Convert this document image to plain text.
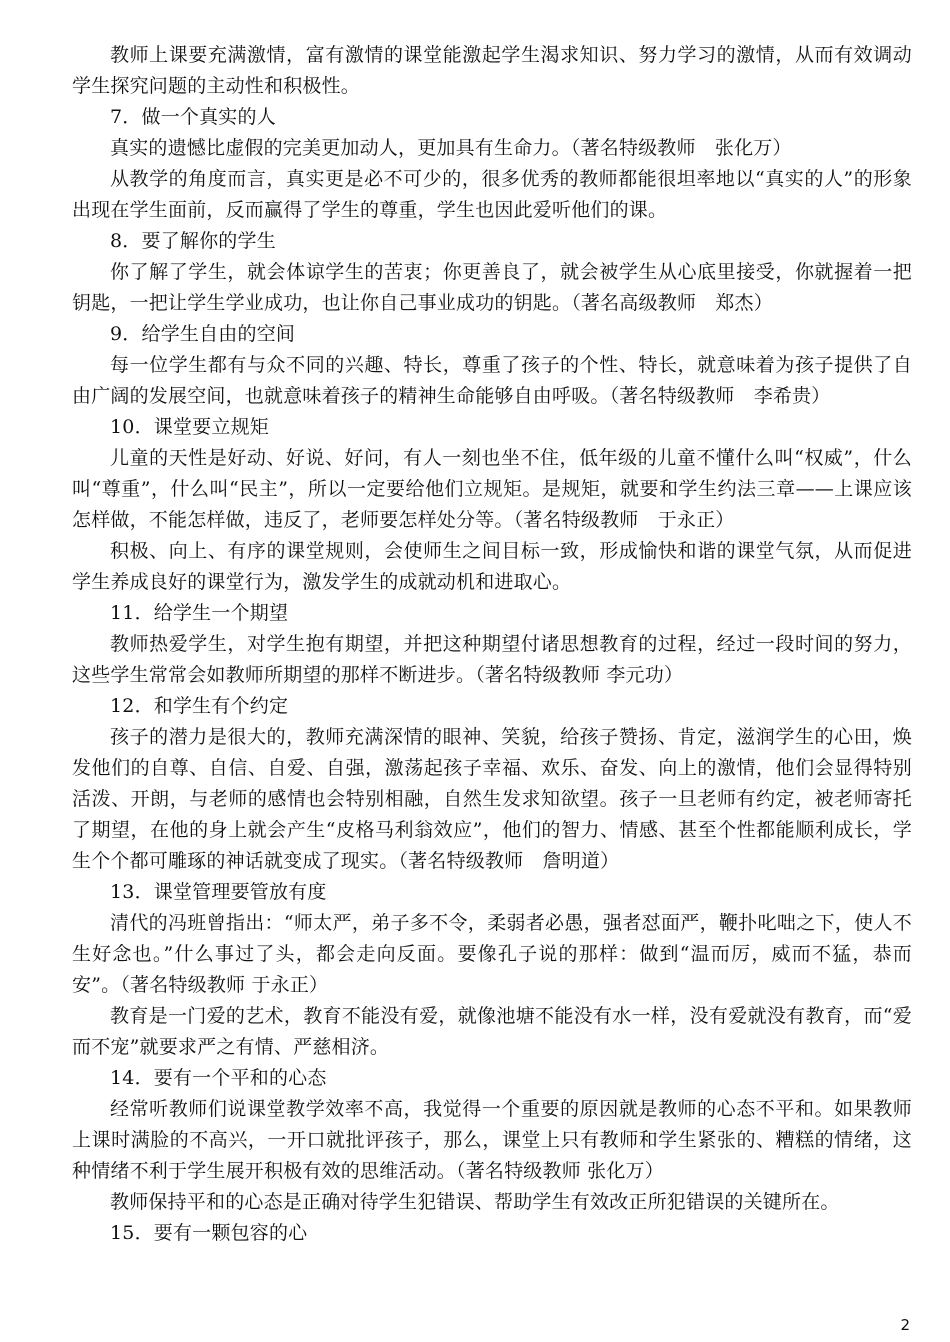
教师上课要充满激情，富有激情的课堂能激起学生渴求知识、努力学习的激情，从而有效调动学生探究问题的主动性和积极性。

7．做一个真实的人

真实的遗憾比虚假的完美更加动人，更加具有生命力。（著名特级教师　张化万）

从教学的角度而言，真实更是必不可少的，很多优秀的教师都能很坦率地以“真实的人”的形象出现在学生面前，反而赢得了学生的尊重，学生也因此爱听他们的课。

8．要了解你的学生

你了解了学生，就会体谅学生的苦衷；你更善良了，就会被学生从心底里接受，你就握着一把钥匙，一把让学生学业成功，也让你自己事业成功的钥匙。（著名高级教师　郑杰）

9．给学生自由的空间

每一位学生都有与众不同的兴趣、特长，尊重了孩子的个性、特长，就意味着为孩子提供了自由广阔的发展空间，也就意味着孩子的精神生命能够自由呼吸。（著名特级教师　李希贵）

10．课堂要立规矩

儿童的天性是好动、好说、好问，有人一刻也坐不住，低年级的儿童不懂什么叫“权威”，什么叫“尊重”，什么叫“民主”，所以一定要给他们立规矩。是规矩，就要和学生约法三章——上课应该怎样做，不能怎样做，违反了，老师要怎样处分等。（著名特级教师　于永正）

积极、向上、有序的课堂规则，会使师生之间目标一致，形成愉快和谐的课堂气氛，从而促进学生养成良好的课堂行为，激发学生的成就动机和进取心。

11．给学生一个期望

教师热爱学生，对学生抱有期望，并把这种期望付诸思想教育的过程，经过一段时间的努力，这些学生常常会如教师所期望的那样不断进步。（著名特级教师 李元功）

12．和学生有个约定

孩子的潜力是很大的，教师充满深情的眼神、笑貌，给孩子赞扬、肯定，滋润学生的心田，焕发他们的自尊、自信、自爱、自强，激荡起孩子幸福、欢乐、奋发、向上的激情，他们会显得特别活泼、开朗，与老师的感情也会特别相融，自然生发求知欲望。孩子一旦老师有约定，被老师寄托了期望，在他的身上就会产生“皮格马利翁效应”，他们的智力、情感、甚至个性都能顺利成长，学生个个都可雕琢的神话就变成了现实。（著名特级教师　詹明道）

13．课堂管理要管放有度

清代的冯班曾指出：“师太严，弟子多不令，柔弱者必愚，强者怼面严，鞭扑叱咄之下，使人不生好念也。”什么事过了头，都会走向反面。要像孔子说的那样：做到“温而厉，威而不猛，恭而安”。（著名特级教师 于永正）

教育是一门爱的艺术，教育不能没有爱，就像池塘不能没有水一样，没有爱就没有教育，而“爱而不宠”就要求严之有情、严慈相济。

14．要有一个平和的心态

经常听教师们说课堂教学效率不高，我觉得一个重要的原因就是教师的心态不平和。如果教师上课时满脸的不高兴，一开口就批评孩子，那么，课堂上只有教师和学生紧张的、糟糕的情绪，这种情绪不利于学生展开积极有效的思维活动。（著名特级教师 张化万）

教师保持平和的心态是正确对待学生犯错误、帮助学生有效改正所犯错误的关键所在。

15．要有一颗包容的心

2
